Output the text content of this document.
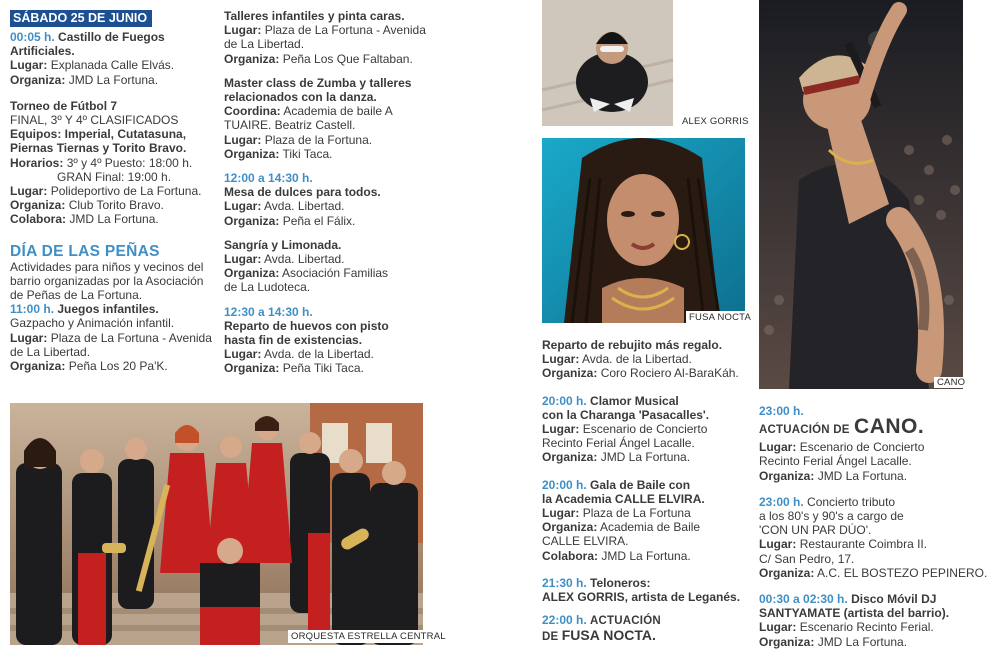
SÁBADO 25 DE JUNIO
00:05 h. Castillo de Fuegos
Artificiales.
Lugar: Explanada Calle Elvás.
Organiza: JMD La Fortuna.
Torneo de Fútbol 7
FINAL, 3º Y 4º CLASIFICADOS
Equipos: Imperial, Cutatasuna,
Piernas Tiernas y Torito Bravo.
Horarios: 3º y 4º Puesto: 18:00 h.
GRAN Final: 19:00 h.
Lugar: Polideportivo de La Fortuna.
Organiza: Club Torito Bravo.
Colabora: JMD La Fortuna.
DÍA DE LAS PEÑAS
Actividades para niños y vecinos del
barrio organizadas por la Asociación
de Peñas de La Fortuna.
11:00 h. Juegos infantiles.
Gazpacho y Animación infantil.
Lugar: Plaza de La Fortuna - Avenida
de La Libertad.
Organiza: Peña Los 20 Pa'K.
Talleres infantiles y pinta caras.
Lugar: Plaza de La Fortuna - Avenida
de La Libertad.
Organiza: Peña Los Que Faltaban.
Master class de Zumba y talleres
relacionados con la danza.
Coordina: Academia de baile A
TUAIRE. Beatriz Castell.
Lugar: Plaza de la Fortuna.
Organiza: Tiki Taca.
12:00 a 14:30 h.
Mesa de dulces para todos.
Lugar: Avda. Libertad.
Organiza: Peña el Fálix.
Sangría y Limonada.
Lugar: Avda. Libertad.
Organiza: Asociación Familias
de La Ludoteca.
12:30 a 14:30 h.
Reparto de huevos con pisto
hasta fin de existencias.
Lugar: Avda. de la Libertad.
Organiza: Peña Tiki Taca.
ORQUESTA ESTRELLA CENTRAL
ALEX GORRIS
FUSA NOCTA
Reparto de rebujito más regalo.
Lugar: Avda. de la Libertad.
Organiza: Coro Rociero Al-BaraKáh.
20:00 h. Clamor Musical
con la Charanga 'Pasacalles'.
Lugar: Escenario de Concierto
Recinto Ferial Ángel Lacalle.
Organiza: JMD La Fortuna.
20:00 h. Gala de Baile con
la Academia CALLE ELVIRA.
Lugar: Plaza de La Fortuna
Organiza: Academia de Baile
CALLE ELVIRA.
Colabora: JMD La Fortuna.
21:30 h. Teloneros:
ALEX GORRIS, artista de Leganés.
22:00 h. ACTUACIÓN
DE FUSA NOCTA.
CANO
23:00 h.
ACTUACIÓN DE CANO.
Lugar: Escenario de Concierto
Recinto Ferial Ángel Lacalle.
Organiza: JMD La Fortuna.
23:00 h. Concierto tributo
a los 80's y 90's a cargo de
'CON UN PAR DÚO'.
Lugar: Restaurante Coimbra II.
C/ San Pedro, 17.
Organiza: A.C. EL BOSTEZO PEPINERO.
00:30 a 02:30 h. Disco Móvil DJ
SANTYAMATE (artista del barrio).
Lugar: Escenario Recinto Ferial.
Organiza: JMD La Fortuna.
